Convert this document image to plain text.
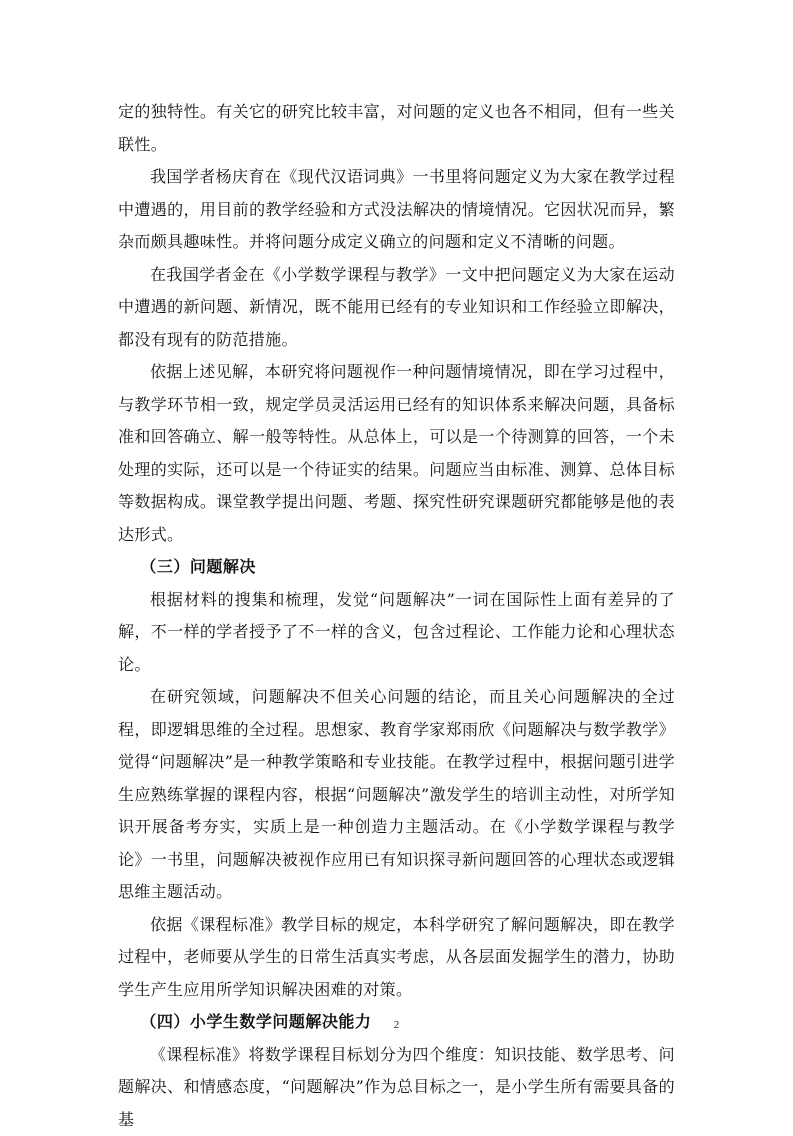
定的独特性。有关它的研究比较丰富，对问题的定义也各不相同，但有一些关联性。

我国学者杨庆育在《现代汉语词典》一书里将问题定义为大家在教学过程中遭遇的，用目前的教学经验和方式没法解决的情境情况。它因状况而异，繁杂而颇具趣味性。并将问题分成定义确立的问题和定义不清晰的问题。

在我国学者金在《小学数学课程与教学》一文中把问题定义为大家在运动中遭遇的新问题、新情况，既不能用已经有的专业知识和工作经验立即解决，都没有现有的防范措施。

依据上述见解，本研究将问题视作一种问题情境情况，即在学习过程中，与教学环节相一致，规定学员灵活运用已经有的知识体系来解决问题，具备标准和回答确立、解一般等特性。从总体上，可以是一个待测算的回答，一个未处理的实际，还可以是一个待证实的结果。问题应当由标准、测算、总体目标等数据构成。课堂教学提出问题、考题、探究性研究课题研究都能够是他的表达形式。

（三）问题解决

根据材料的搜集和梳理，发觉“问题解决”一词在国际性上面有差异的了解，不一样的学者授予了不一样的含义，包含过程论、工作能力论和心理状态论。

在研究领域，问题解决不但关心问题的结论，而且关心问题解决的全过程，即逻辑思维的全过程。思想家、教育学家郑雨欣《问题解决与数学教学》觉得“问题解决”是一种教学策略和专业技能。在教学过程中，根据问题引进学生应熟练掌握的课程内容，根据“问题解决”激发学生的培训主动性，对所学知识开展备考夯实，实质上是一种创造力主题活动。在《小学数学课程与教学论》一书里，问题解决被视作应用已有知识探寻新问题回答的心理状态或逻辑思维主题活动。

依据《课程标准》教学目标的规定，本科学研究了解问题解决，即在教学过程中，老师要从学生的日常生活真实考虑，从各层面发掘学生的潜力，协助学生产生应用所学知识解决困难的对策。

（四）小学生数学问题解决能力

《课程标准》将数学课程目标划分为四个维度：知识技能、数学思考、问题解决、和情感态度，“问题解决”作为总目标之一，是小学生所有需要具备的基

2
